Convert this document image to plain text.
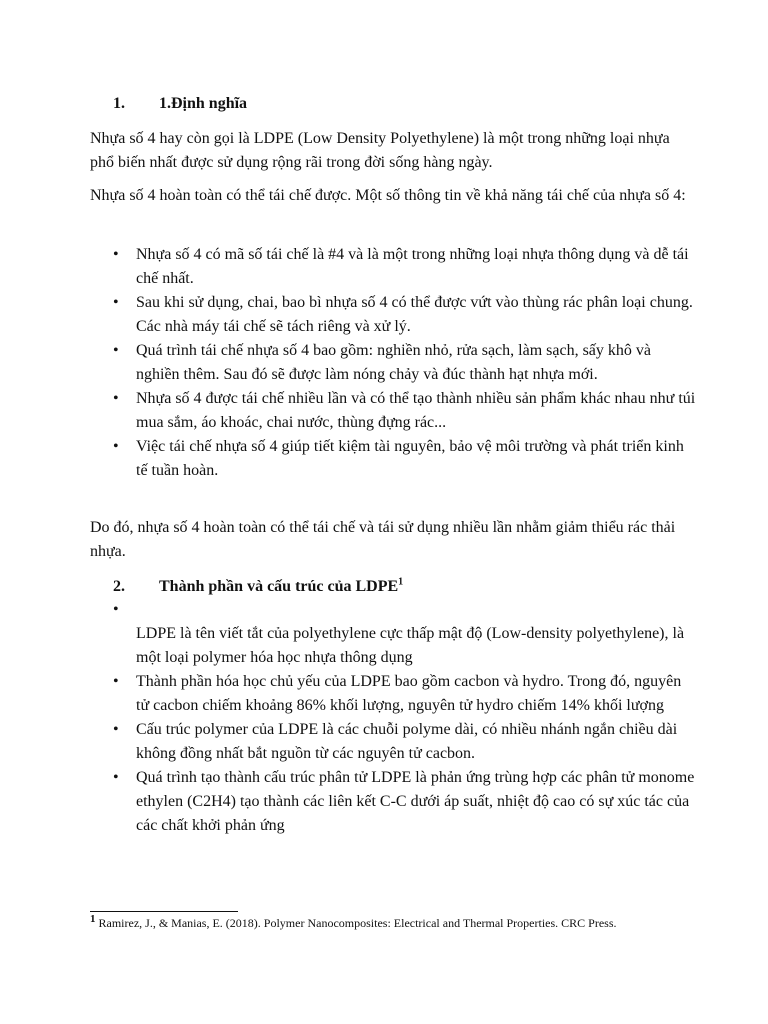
1. 1.Định nghĩa

Nhựa số 4 hay còn gọi là LDPE (Low Density Polyethylene) là một trong những loại nhựa phổ biến nhất được sử dụng rộng rãi trong đời sống hàng ngày.

Nhựa số 4 hoàn toàn có thể tái chế được. Một số thông tin về khả năng tái chế của nhựa số 4:

• Nhựa số 4 có mã số tái chế là #4 và là một trong những loại nhựa thông dụng và dễ tái chế nhất.
• Sau khi sử dụng, chai, bao bì nhựa số 4 có thể được vứt vào thùng rác phân loại chung. Các nhà máy tái chế sẽ tách riêng và xử lý.
• Quá trình tái chế nhựa số 4 bao gồm: nghiền nhỏ, rửa sạch, làm sạch, sấy khô và nghiền thêm. Sau đó sẽ được làm nóng chảy và đúc thành hạt nhựa mới.
• Nhựa số 4 được tái chế nhiều lần và có thể tạo thành nhiều sản phẩm khác nhau như túi mua sắm, áo khoác, chai nước, thùng đựng rác...
• Việc tái chế nhựa số 4 giúp tiết kiệm tài nguyên, bảo vệ môi trường và phát triển kinh tế tuần hoàn.

Do đó, nhựa số 4 hoàn toàn có thể tái chế và tái sử dụng nhiều lần nhằm giảm thiểu rác thải nhựa.

2. Thành phần và cấu trúc của LDPE$^1$
•
LDPE là tên viết tắt của polyethylene cực thấp mật độ (Low-density polyethylene), là một loại polymer hóa học nhựa thông dụng
• Thành phần hóa học chủ yếu của LDPE bao gồm cacbon và hydro. Trong đó, nguyên tử cacbon chiếm khoảng 86% khối lượng, nguyên tử hydro chiếm 14% khối lượng
• Cấu trúc polymer của LDPE là các chuỗi polyme dài, có nhiều nhánh ngắn chiều dài không đồng nhất bắt nguồn từ các nguyên tử cacbon.
• Quá trình tạo thành cấu trúc phân tử LDPE là phản ứng trùng hợp các phân tử monome ethylen (C2H4) tạo thành các liên kết C-C dưới áp suất, nhiệt độ cao có sự xúc tác của các chất khởi phản ứng
$^1$ Ramirez, J., & Manias, E. (2018). Polymer Nanocomposites: Electrical and Thermal Properties. CRC Press.
